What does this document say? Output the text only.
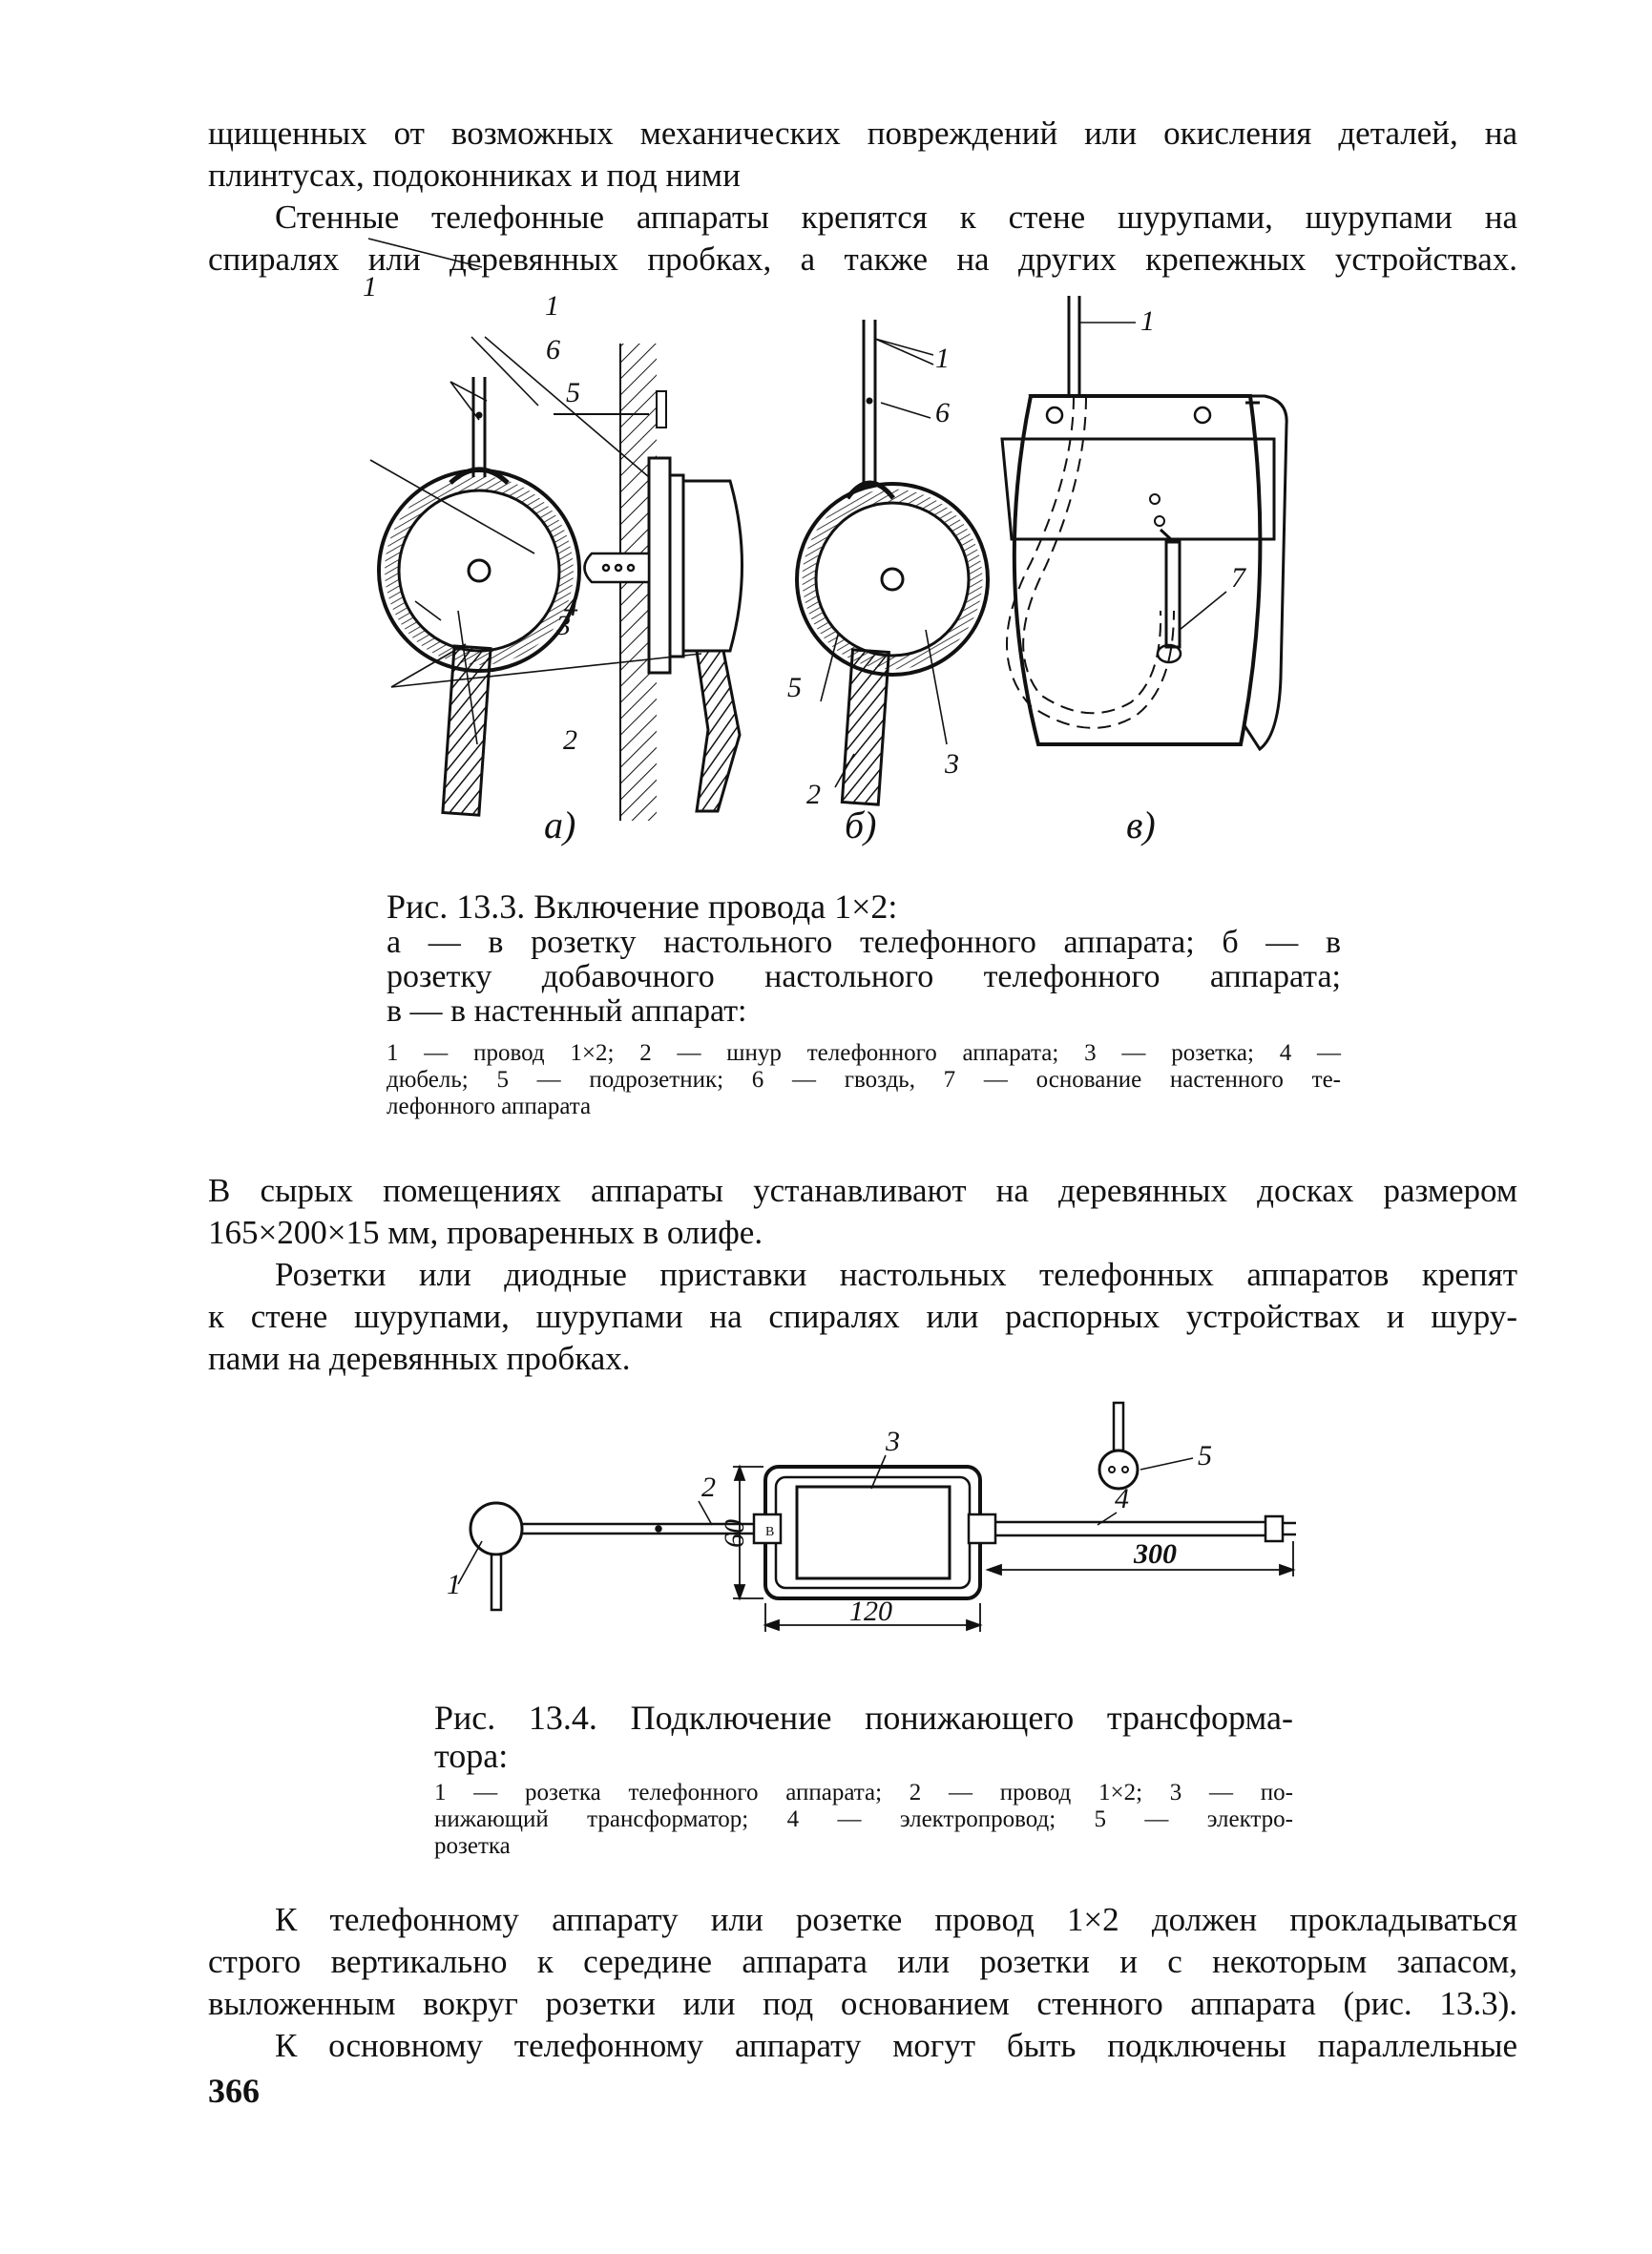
щищенных от возможных механических повреждений или окисления деталей, на

плинтусах, подоконниках и под ними

Стенные телефонные аппараты крепятся к стене шурупами, шурупами на

спиралях или деревянных пробках, а также на других крепежных устройствах.

1
6
1
5
3
4
2
а)
1
6
5
3
2
б)
1
7
в)
Рис. 13.3. Включение провода 1×2:
а — в розетку настольного телефонного аппарата; б — в
розетку добавочного настольного телефонного аппарата;
в — в настенный аппарат:
1 — провод 1×2; 2 — шнур телефонного аппарата; 3 — розетка; 4 —
дюбель; 5 — подрозетник; 6 — гвоздь, 7 — основание настенного те-
лефонного аппарата

В сырых помещениях аппараты устанавливают на деревянных досках размером

165×200×15 мм, проваренных в олифе.

Розетки или диодные приставки настольных телефонных аппаратов крепят

к стене шурупами, шурупами на спиралях или распорных устройствах и шуру-

пами на деревянных пробках.

В
60
120
300
1
2
3
4
5
Рис. 13.4. Подключение понижающего трансформа-
тора:
1 — розетка телефонного аппарата; 2 — провод 1×2; 3 — по-
нижающий трансформатор; 4 — электропровод; 5 — электро-
розетка

К телефонному аппарату или розетке провод 1×2 должен прокладываться

строго вертикально к середине аппарата или розетки и с некоторым запасом,

выложенным вокруг розетки или под основанием стенного аппарата (рис. 13.3).

К основному телефонному аппарату могут быть подключены параллельные

366
